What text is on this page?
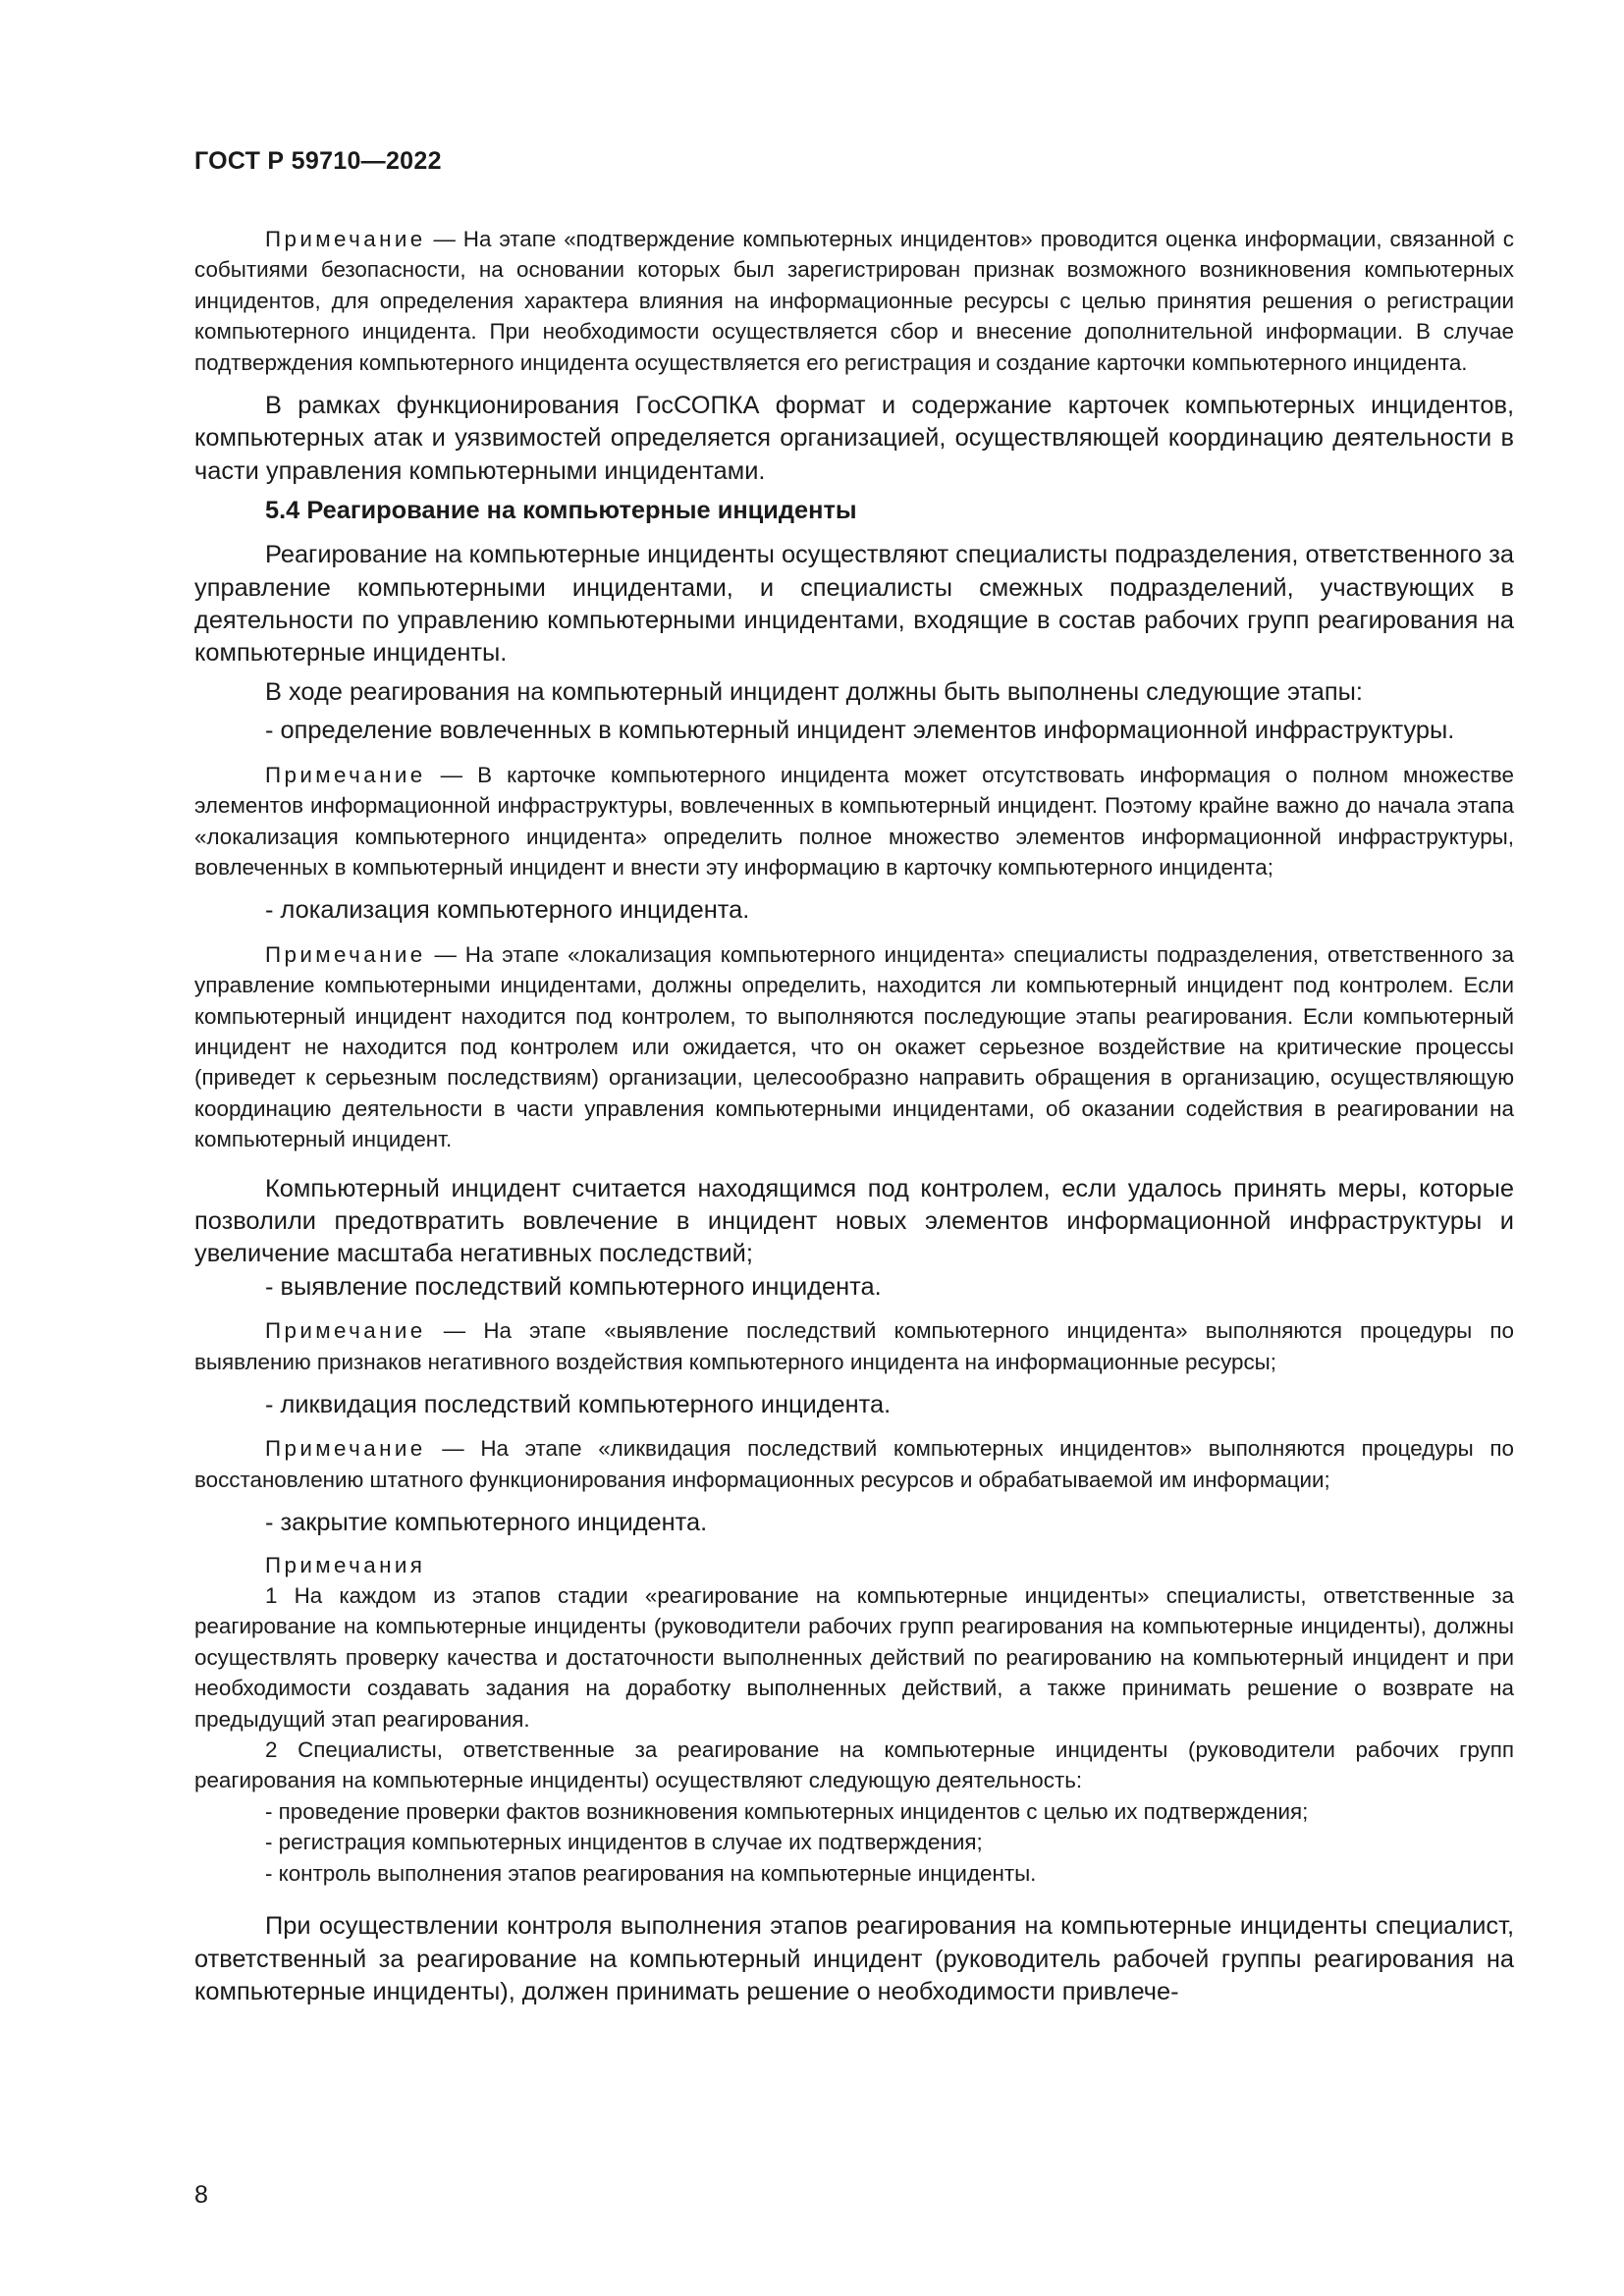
ГОСТ Р 59710—2022

Примечание — На этапе «подтверждение компьютерных инцидентов» проводится оценка информации, связанной с событиями безопасности, на основании которых был зарегистрирован признак возможного возникновения компьютерных инцидентов, для определения характера влияния на информационные ресурсы с целью принятия решения о регистрации компьютерного инцидента. При необходимости осуществляется сбор и внесение дополнительной информации. В случае подтверждения компьютерного инцидента осуществляется его регистрация и создание карточки компьютерного инцидента.

В рамках функционирования ГосСОПКА формат и содержание карточек компьютерных инцидентов, компьютерных атак и уязвимостей определяется организацией, осуществляющей координацию деятельности в части управления компьютерными инцидентами.

5.4 Реагирование на компьютерные инциденты

Реагирование на компьютерные инциденты осуществляют специалисты подразделения, ответственного за управление компьютерными инцидентами, и специалисты смежных подразделений, участвующих в деятельности по управлению компьютерными инцидентами, входящие в состав рабочих групп реагирования на компьютерные инциденты.

В ходе реагирования на компьютерный инцидент должны быть выполнены следующие этапы:

- определение вовлеченных в компьютерный инцидент элементов информационной инфраструктуры.

Примечание — В карточке компьютерного инцидента может отсутствовать информация о полном множестве элементов информационной инфраструктуры, вовлеченных в компьютерный инцидент. Поэтому крайне важно до начала этапа «локализация компьютерного инцидента» определить полное множество элементов информационной инфраструктуры, вовлеченных в компьютерный инцидент и внести эту информацию в карточку компьютерного инцидента;

- локализация компьютерного инцидента.

Примечание — На этапе «локализация компьютерного инцидента» специалисты подразделения, ответственного за управление компьютерными инцидентами, должны определить, находится ли компьютерный инцидент под контролем. Если компьютерный инцидент находится под контролем, то выполняются последующие этапы реагирования. Если компьютерный инцидент не находится под контролем или ожидается, что он окажет серьезное воздействие на критические процессы (приведет к серьезным последствиям) организации, целесообразно направить обращения в организацию, осуществляющую координацию деятельности в части управления компьютерными инцидентами, об оказании содействия в реагировании на компьютерный инцидент.

Компьютерный инцидент считается находящимся под контролем, если удалось принять меры, которые позволили предотвратить вовлечение в инцидент новых элементов информационной инфраструктуры и увеличение масштаба негативных последствий;

- выявление последствий компьютерного инцидента.

Примечание — На этапе «выявление последствий компьютерного инцидента» выполняются процедуры по выявлению признаков негативного воздействия компьютерного инцидента на информационные ресурсы;

- ликвидация последствий компьютерного инцидента.

Примечание — На этапе «ликвидация последствий компьютерных инцидентов» выполняются процедуры по восстановлению штатного функционирования информационных ресурсов и обрабатываемой им информации;

- закрытие компьютерного инцидента.

Примечания

1 На каждом из этапов стадии «реагирование на компьютерные инциденты» специалисты, ответственные за реагирование на компьютерные инциденты (руководители рабочих групп реагирования на компьютерные инциденты), должны осуществлять проверку качества и достаточности выполненных действий по реагированию на компьютерный инцидент и при необходимости создавать задания на доработку выполненных действий, а также принимать решение о возврате на предыдущий этап реагирования.

2 Специалисты, ответственные за реагирование на компьютерные инциденты (руководители рабочих групп реагирования на компьютерные инциденты) осуществляют следующую деятельность:

- проведение проверки фактов возникновения компьютерных инцидентов с целью их подтверждения;

- регистрация компьютерных инцидентов в случае их подтверждения;

- контроль выполнения этапов реагирования на компьютерные инциденты.

При осуществлении контроля выполнения этапов реагирования на компьютерные инциденты специалист, ответственный за реагирование на компьютерный инцидент (руководитель рабочей группы реагирования на компьютерные инциденты), должен принимать решение о необходимости привлече-

8
